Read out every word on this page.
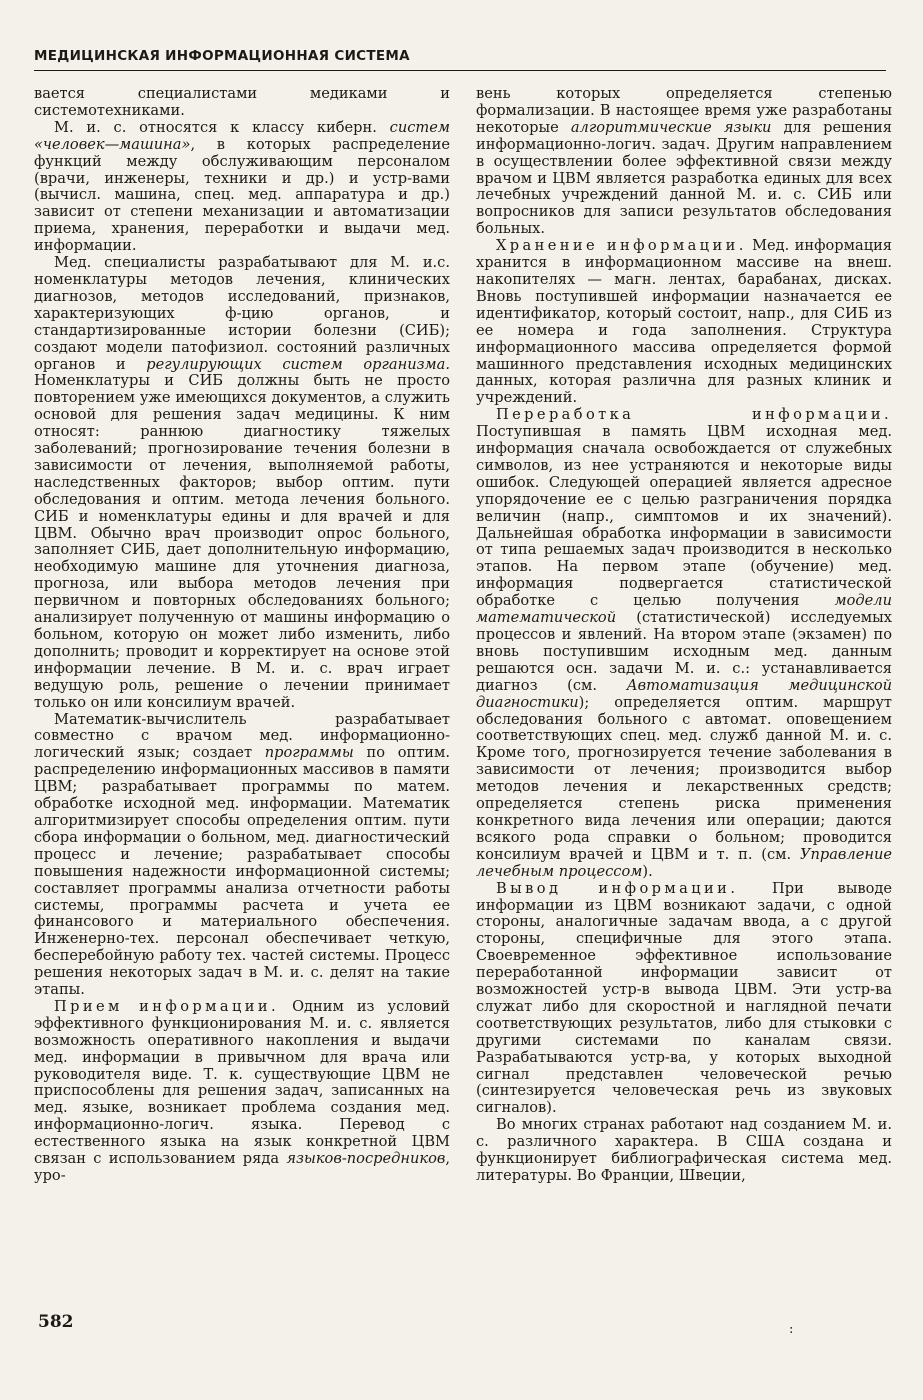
МЕДИЦИНСКАЯ ИНФОРМАЦИОННАЯ СИСТЕМА

вается специалистами медиками и системотехниками.

М. и. с. относятся к классу киберн. систем «человек—машина», в которых распределение функций между обслуживающим персоналом (врачи, инженеры, техники и др.) и устр-вами (вычисл. машина, спец. мед. аппаратура и др.) зависит от степени механизации и автоматизации приема, хранения, переработки и выдачи мед. информации.

Мед. специалисты разрабатывают для М. и.с. номенклатуры методов лечения, клинических диагнозов, методов исследований, признаков, характеризующих ф-цию органов, и стандартизированные истории болезни (СИБ); создают модели патофизиол. состояний различных органов и регулирующих систем организма. Номенклатуры и СИБ должны быть не просто повторением уже имеющихся документов, а служить основой для решения задач медицины. К ним относят: раннюю диагностику тяжелых заболеваний; прогнозирование течения болезни в зависимости от лечения, выполняемой работы, наследственных факторов; выбор оптим. пути обследования и оптим. метода лечения больного. СИБ и номенклатуры едины и для врачей и для ЦВМ. Обычно врач производит опрос больного, заполняет СИБ, дает дополнительную информацию, необходимую машине для уточнения диагноза, прогноза, или выбора методов лечения при первичном и повторных обследованиях больного; анализирует полученную от машины информацию о больном, которую он может либо изменить, либо дополнить; проводит и корректирует на основе этой информации лечение. В М. и. с. врач играет ведущую роль, решение о лечении принимает только он или консилиум врачей.

Математик-вычислитель разрабатывает совместно с врачом мед. информационно-логический язык; создает программы по оптим. распределению информационных массивов в памяти ЦВМ; разрабатывает программы по матем. обработке исходной мед. информации. Математик алгоритмизирует способы определения оптим. пути сбора информации о больном, мед. диагностический процесс и лечение; разрабатывает способы повышения надежности информационной системы; составляет программы анализа отчетности работы системы, программы расчета и учета ее финансового и материального обеспечения. Инженерно-тех. персонал обеспечивает четкую, бесперебойную работу тех. частей системы. Процесс решения некоторых задач в М. и. с. делят на такие этапы.

Прием информации. Одним из условий эффективного функционирования М. и. с. является возможность оперативного накопления и выдачи мед. информации в привычном для врача или руководителя виде. Т. к. существующие ЦВМ не приспособлены для решения задач, записанных на мед. языке, возникает проблема создания мед. информационно-логич. языка. Перевод с естественного языка на язык конкретной ЦВМ связан с использованием ряда языков-посредников, уро-

вень которых определяется степенью формализации. В настоящее время уже разработаны некоторые алгоритмические языки для решения информационно-логич. задач. Другим направлением в осуществлении более эффективной связи между врачом и ЦВМ является разработка единых для всех лечебных учреждений данной М. и. с. СИБ или вопросников для записи результатов обследования больных.

Хранение информации. Мед. информация хранится в информационном массиве на внеш. накопителях — магн. лентах, барабанах, дисках. Вновь поступившей информации назначается ее идентификатор, который состоит, напр., для СИБ из ее номера и года заполнения. Структура информационного массива определяется формой машинного представления исходных медицинских данных, которая различна для разных клиник и учреждений.

Переработка информации. Поступившая в память ЦВМ исходная мед. информация сначала освобождается от служебных символов, из нее устраняются и некоторые виды ошибок. Следующей операцией является адресное упорядочение ее с целью разграничения порядка величин (напр., симптомов и их значений). Дальнейшая обработка информации в зависимости от типа решаемых задач производится в несколько этапов. На первом этапе (обучение) мед. информация подвергается статистической обработке с целью получения модели математической (статистической) исследуемых процессов и явлений. На втором этапе (экзамен) по вновь поступившим исходным мед. данным решаются осн. задачи М. и. с.: устанавливается диагноз (см. Автоматизация медицинской диагностики); определяется оптим. маршрут обследования больного с автомат. оповещением соответствующих спец. мед. служб данной М. и. с. Кроме того, прогнозируется течение заболевания в зависимости от лечения; производится выбор методов лечения и лекарственных средств; определяется степень риска применения конкретного вида лечения или операции; даются всякого рода справки о больном; проводится консилиум врачей и ЦВМ и т. п. (см. Управление лечебным процессом).

Вывод информации. При выводе информации из ЦВМ возникают задачи, с одной стороны, аналогичные задачам ввода, а с другой стороны, специфичные для этого этапа. Своевременное эффективное использование переработанной информации зависит от возможностей устр-в вывода ЦВМ. Эти устр-ва служат либо для скоростной и наглядной печати соответствующих результатов, либо для стыковки с другими системами по каналам связи. Разрабатываются устр-ва, у которых выходной сигнал представлен человеческой речью (синтезируется человеческая речь из звуковых сигналов).

Во многих странах работают над созданием М. и. с. различного характера. В США создана и функционирует библиографическая система мед. литературы. Во Франции, Швеции,

582	:
